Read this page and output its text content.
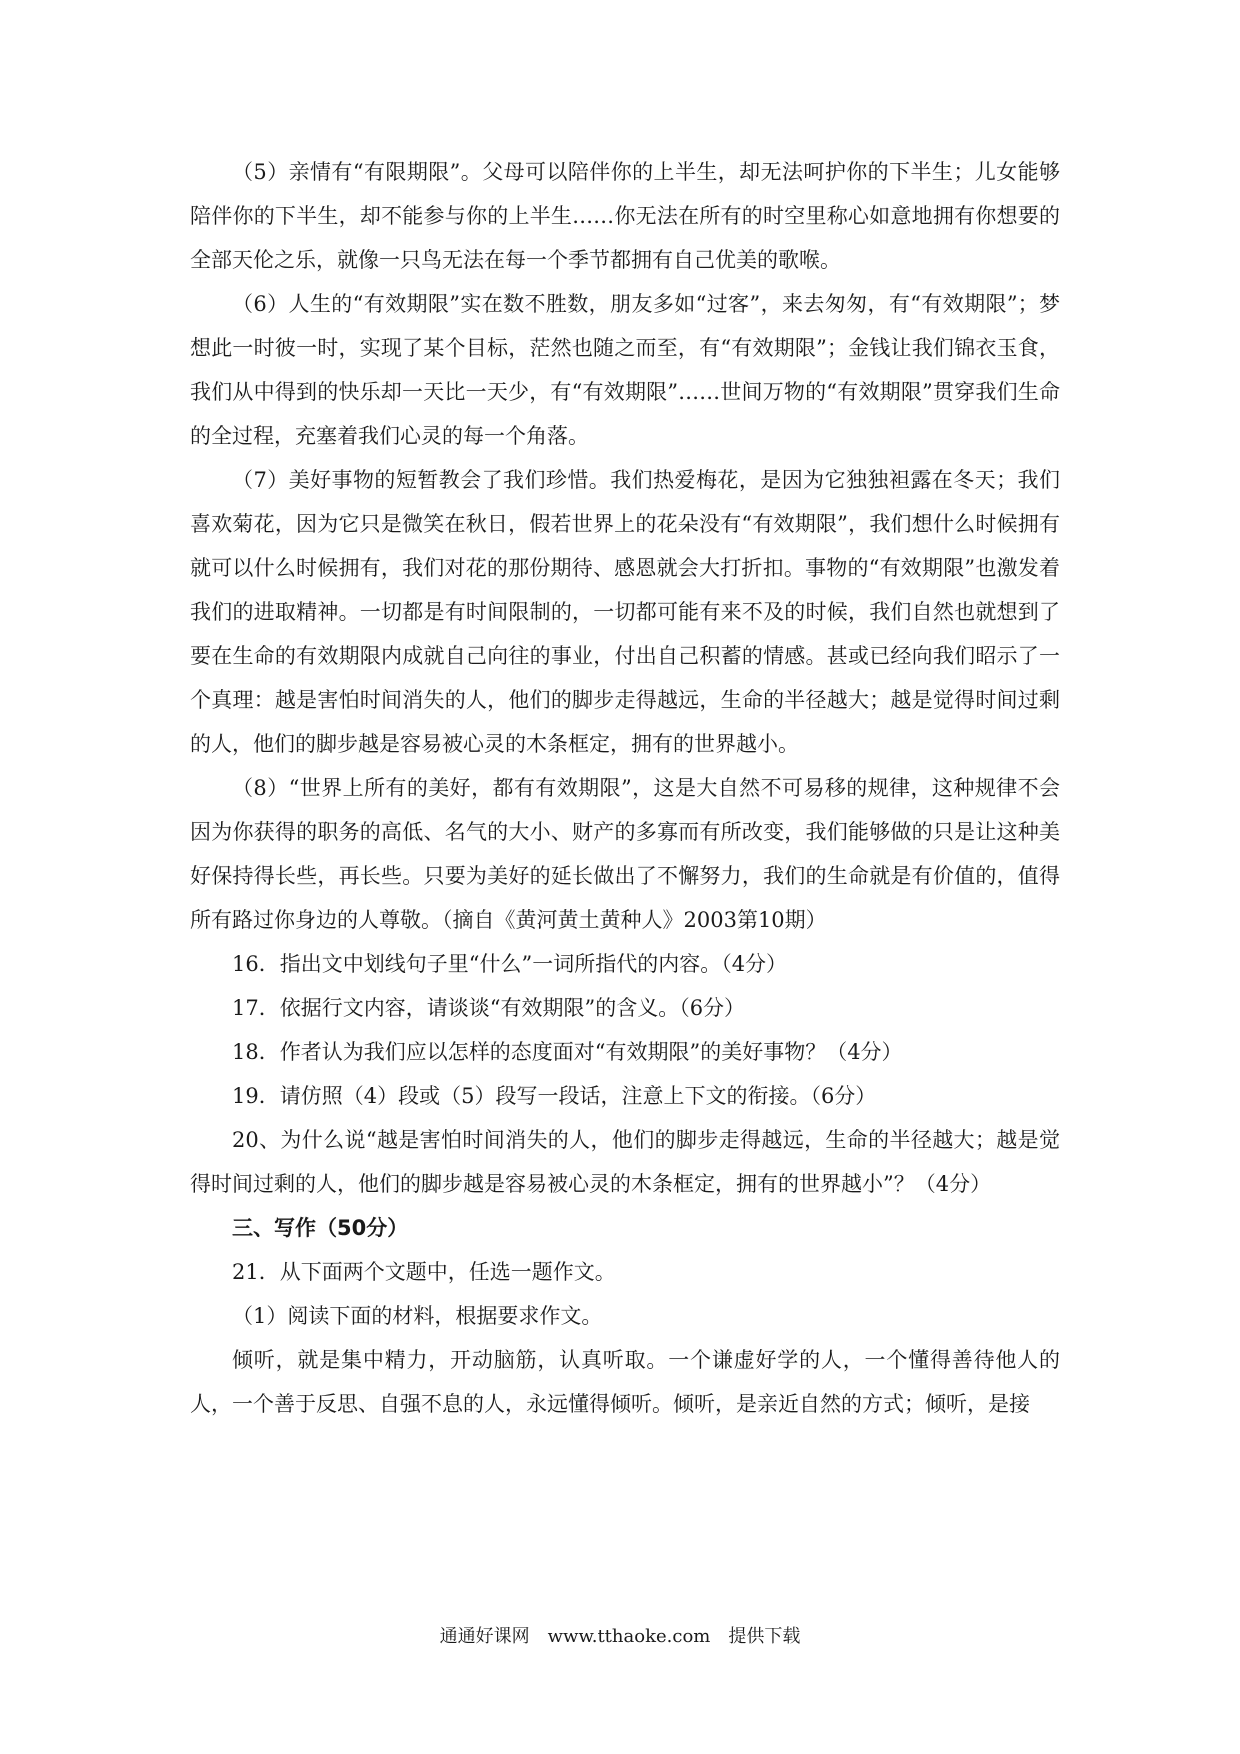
（5）亲情有“有限期限”。父母可以陪伴你的上半生，却无法呵护你的下半生；儿女能够陪伴你的下半生，却不能参与你的上半生……你无法在所有的时空里称心如意地拥有你想要的全部天伦之乐，就像一只鸟无法在每一个季节都拥有自己优美的歌喉。

（6）人生的“有效期限”实在数不胜数，朋友多如“过客”，来去匆匆，有“有效期限”；梦想此一时彼一时，实现了某个目标，茫然也随之而至，有“有效期限”；金钱让我们锦衣玉食，我们从中得到的快乐却一天比一天少，有“有效期限”……世间万物的“有效期限”贯穿我们生命的全过程，充塞着我们心灵的每一个角落。

（7）美好事物的短暂教会了我们珍惜。我们热爱梅花，是因为它独独袒露在冬天；我们喜欢菊花，因为它只是微笑在秋日，假若世界上的花朵没有“有效期限”，我们想什么时候拥有就可以什么时候拥有，我们对花的那份期待、感恩就会大打折扣。事物的“有效期限”也激发着我们的进取精神。一切都是有时间限制的，一切都可能有来不及的时候，我们自然也就想到了要在生命的有效期限内成就自己向往的事业，付出自己积蓄的情感。甚或已经向我们昭示了一个真理：越是害怕时间消失的人，他们的脚步走得越远，生命的半径越大；越是觉得时间过剩的人，他们的脚步越是容易被心灵的木条框定，拥有的世界越小。

（8）“世界上所有的美好，都有有效期限”，这是大自然不可易移的规律，这种规律不会因为你获得的职务的高低、名气的大小、财产的多寡而有所改变，我们能够做的只是让这种美好保持得长些，再长些。只要为美好的延长做出了不懈努力，我们的生命就是有价值的，值得所有路过你身边的人尊敬。（摘自《黄河黄土黄种人》2003第10期）

16．指出文中划线句子里“什么”一词所指代的内容。（4分）

17．依据行文内容，请谈谈“有效期限”的含义。（6分）

18．作者认为我们应以怎样的态度面对“有效期限”的美好事物？（4分）

19．请仿照（4）段或（5）段写一段话，注意上下文的衔接。（6分）

20、为什么说“越是害怕时间消失的人，他们的脚步走得越远，生命的半径越大；越是觉得时间过剩的人，他们的脚步越是容易被心灵的木条框定，拥有的世界越小”？（4分）

三、写作（50分）

21．从下面两个文题中，任选一题作文。

（1）阅读下面的材料，根据要求作文。

倾听，就是集中精力，开动脑筋，认真听取。一个谦虚好学的人，一个懂得善待他人的人，一个善于反思、自强不息的人，永远懂得倾听。倾听，是亲近自然的方式；倾听，是接

通通好课网　www.tthaoke.com　提供下载
